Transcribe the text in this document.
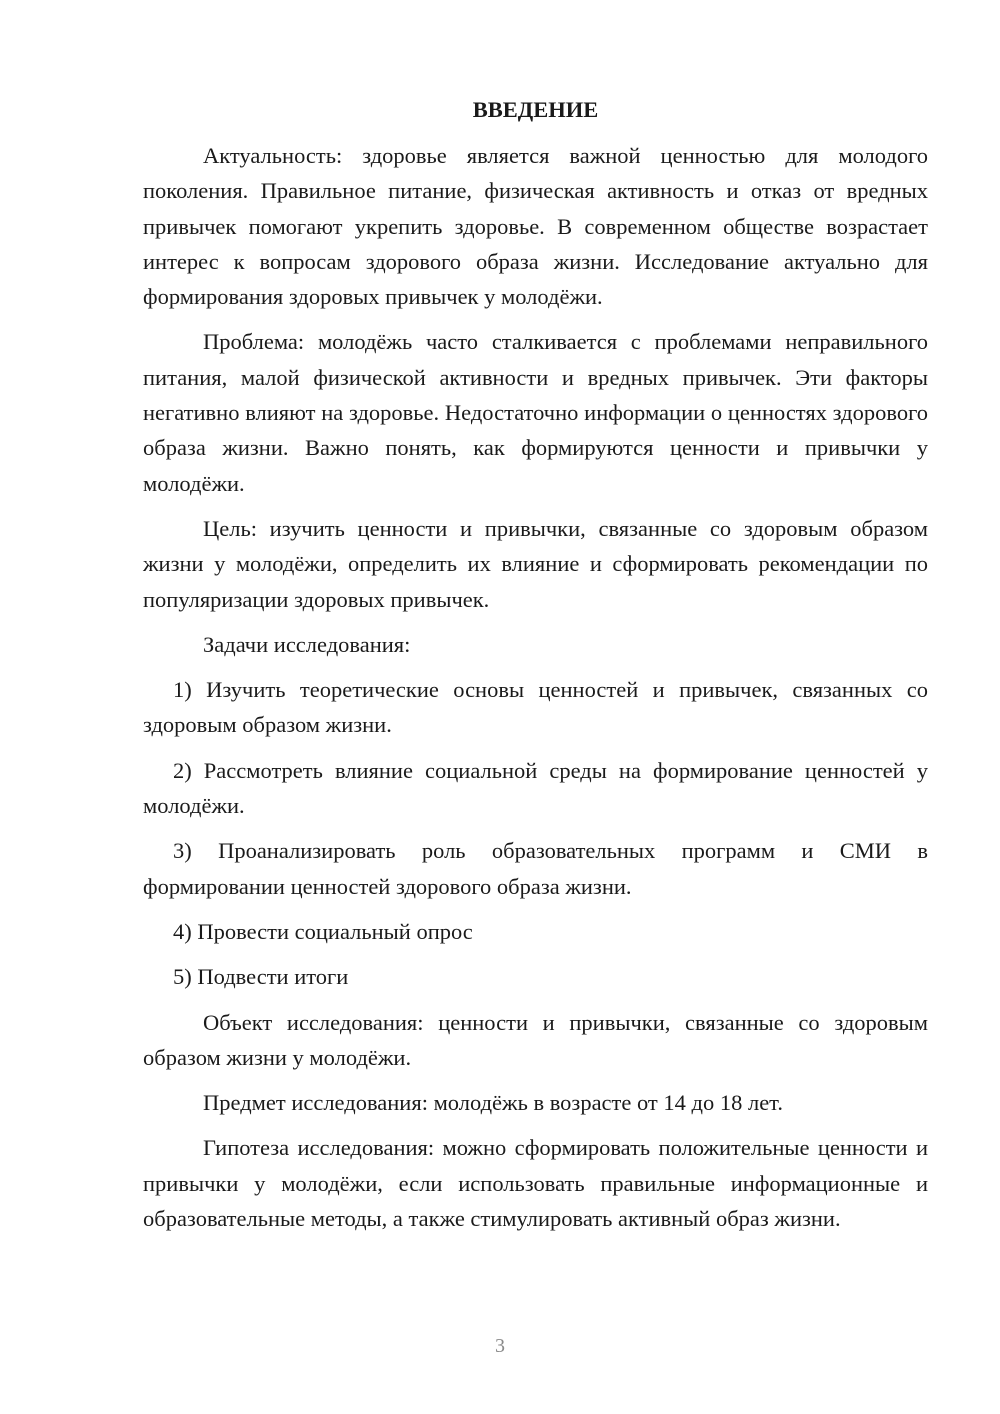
ВВЕДЕНИЕ

Актуальность: здоровье является важной ценностью для молодого поколения. Правильное питание, физическая активность и отказ от вредных привычек помогают укрепить здоровье. В современном обществе возрастает интерес к вопросам здорового образа жизни. Исследование актуально для формирования здоровых привычек у молодёжи.

Проблема: молодёжь часто сталкивается с проблемами неправильного питания, малой физической активности и вредных привычек. Эти факторы негативно влияют на здоровье. Недостаточно информации о ценностях здорового образа жизни. Важно понять, как формируются ценности и привычки у молодёжи.

Цель: изучить ценности и привычки, связанные со здоровым образом жизни у молодёжи, определить их влияние и сформировать рекомендации по популяризации здоровых привычек.

Задачи исследования:

1) Изучить теоретические основы ценностей и привычек, связанных со здоровым образом жизни.

2) Рассмотреть влияние социальной среды на формирование ценностей у молодёжи.

3) Проанализировать роль образовательных программ и СМИ в формировании ценностей здорового образа жизни.

4) Провести социальный опрос

5) Подвести итоги

Объект исследования: ценности и привычки, связанные со здоровым образом жизни у молодёжи.

Предмет исследования: молодёжь в возрасте от 14 до 18 лет.

Гипотеза исследования: можно сформировать положительные ценности и привычки у молодёжи, если использовать правильные информационные и образовательные методы, а также стимулировать активный образ жизни.

3
